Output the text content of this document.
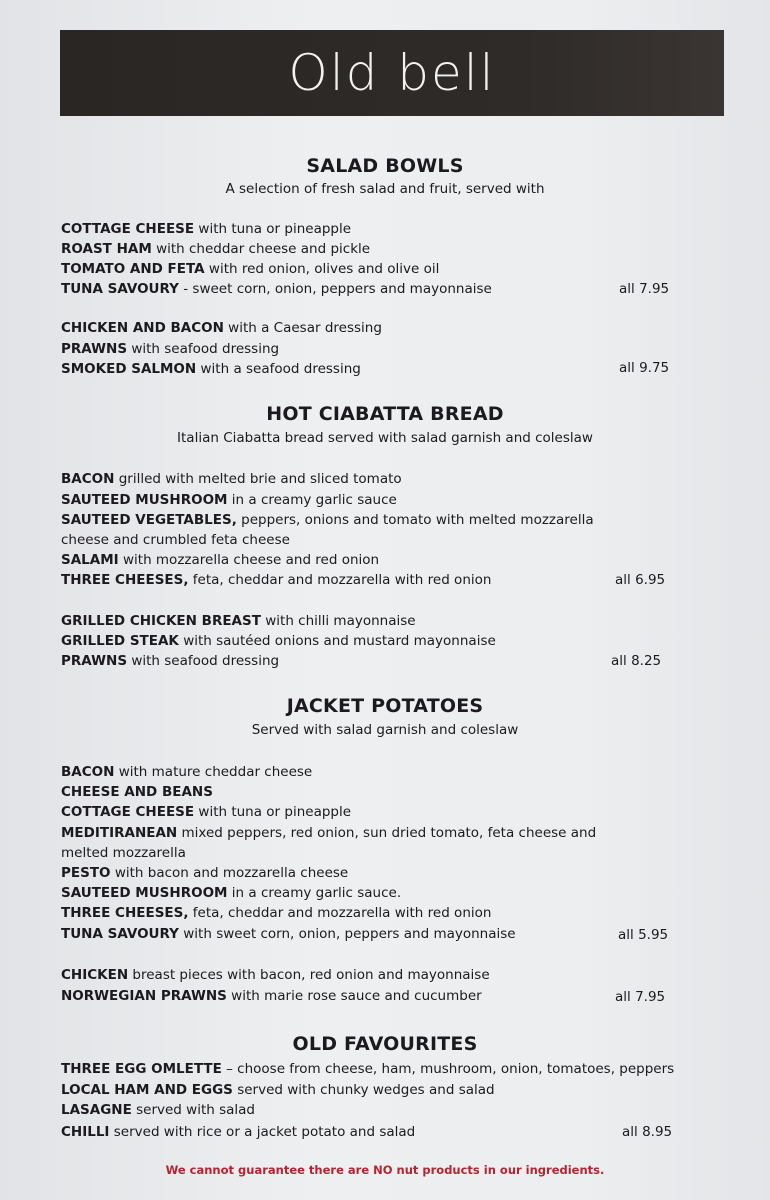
Old bell
SALAD BOWLS
A selection of fresh salad and fruit, served with
COTTAGE CHEESE with tuna or pineapple
ROAST HAM with cheddar cheese and pickle
TOMATO AND FETA with red onion, olives and olive oil
TUNA SAVOURY - sweet corn, onion, peppers and mayonnaise	all 7.95
CHICKEN AND BACON with a Caesar dressing
PRAWNS with seafood dressing
SMOKED SALMON with a seafood dressing	all 9.75
HOT CIABATTA BREAD
Italian Ciabatta bread served with salad garnish and coleslaw
BACON grilled with melted brie and sliced tomato
SAUTEED MUSHROOM in a creamy garlic sauce
SAUTEED VEGETABLES, peppers, onions and tomato with melted mozzarella
cheese and crumbled feta cheese
SALAMI with mozzarella cheese and red onion
THREE CHEESES, feta, cheddar and mozzarella with red onion	all 6.95
GRILLED CHICKEN BREAST with chilli mayonnaise
GRILLED STEAK with sautéed onions and mustard mayonnaise
PRAWNS with seafood dressing	all 8.25
JACKET POTATOES
Served with salad garnish and coleslaw
BACON with mature cheddar cheese
CHEESE AND BEANS
COTTAGE CHEESE with tuna or pineapple
MEDITIRANEAN mixed peppers, red onion, sun dried tomato, feta cheese and
melted mozzarella
PESTO with bacon and mozzarella cheese
SAUTEED MUSHROOM in a creamy garlic sauce.
THREE CHEESES, feta, cheddar and mozzarella with red onion
TUNA SAVOURY with sweet corn, onion, peppers and mayonnaise	all 5.95
CHICKEN breast pieces with bacon, red onion and mayonnaise
NORWEGIAN PRAWNS with marie rose sauce and cucumber	all 7.95
OLD FAVOURITES
THREE EGG OMLETTE – choose from cheese, ham, mushroom, onion, tomatoes, peppers
LOCAL HAM AND EGGS served with chunky wedges and salad
LASAGNE served with salad
CHILLI served with rice or a jacket potato and salad	all 8.95
We cannot guarantee there are NO nut products in our ingredients.
